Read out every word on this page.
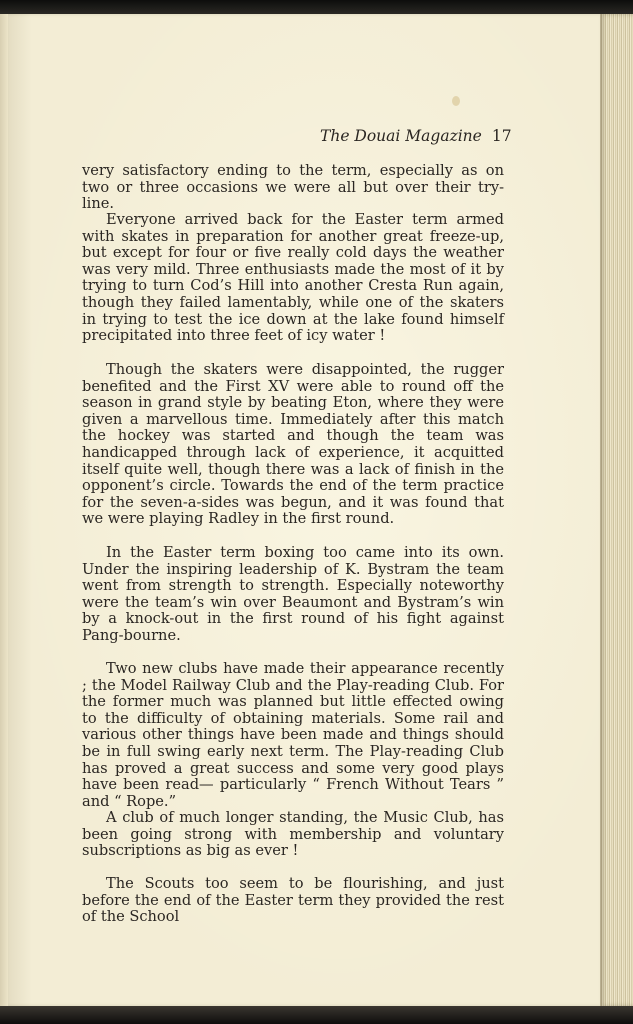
The Douai Magazine 17

very satisfactory ending to the term, especially as on two or three occasions we were all but over their try-line.

Everyone arrived back for the Easter term armed with skates in preparation for another great freeze-up, but except for four or five really cold days the weather was very mild. Three enthusiasts made the most of it by trying to turn Cod’s Hill into another Cresta Run again, though they failed lamentably, while one of the skaters in trying to test the ice down at the lake found himself precipitated into three feet of icy water !

Though the skaters were disappointed, the rugger benefited and the First XV were able to round off the season in grand style by beating Eton, where they were given a marvellous time. Immediately after this match the hockey was started and though the team was handicapped through lack of experience, it acquitted itself quite well, though there was a lack of finish in the opponent’s circle. Towards the end of the term practice for the seven-a-sides was begun, and it was found that we were playing Radley in the first round.

In the Easter term boxing too came into its own. Under the inspiring leadership of K. Bystram the team went from strength to strength. Especially noteworthy were the team’s win over Beaumont and Bystram’s win by a knock-out in the first round of his fight against Pang-bourne.

Two new clubs have made their appearance recently ; the Model Railway Club and the Play-reading Club. For the former much was planned but little effected owing to the difficulty of obtaining materials. Some rail and various other things have been made and things should be in full swing early next term. The Play-reading Club has proved a great success and some very good plays have been read— particularly “ French Without Tears ” and “ Rope.”

A club of much longer standing, the Music Club, has been going strong with membership and voluntary subscriptions as big as ever !

The Scouts too seem to be flourishing, and just before the end of the Easter term they provided the rest of the School
